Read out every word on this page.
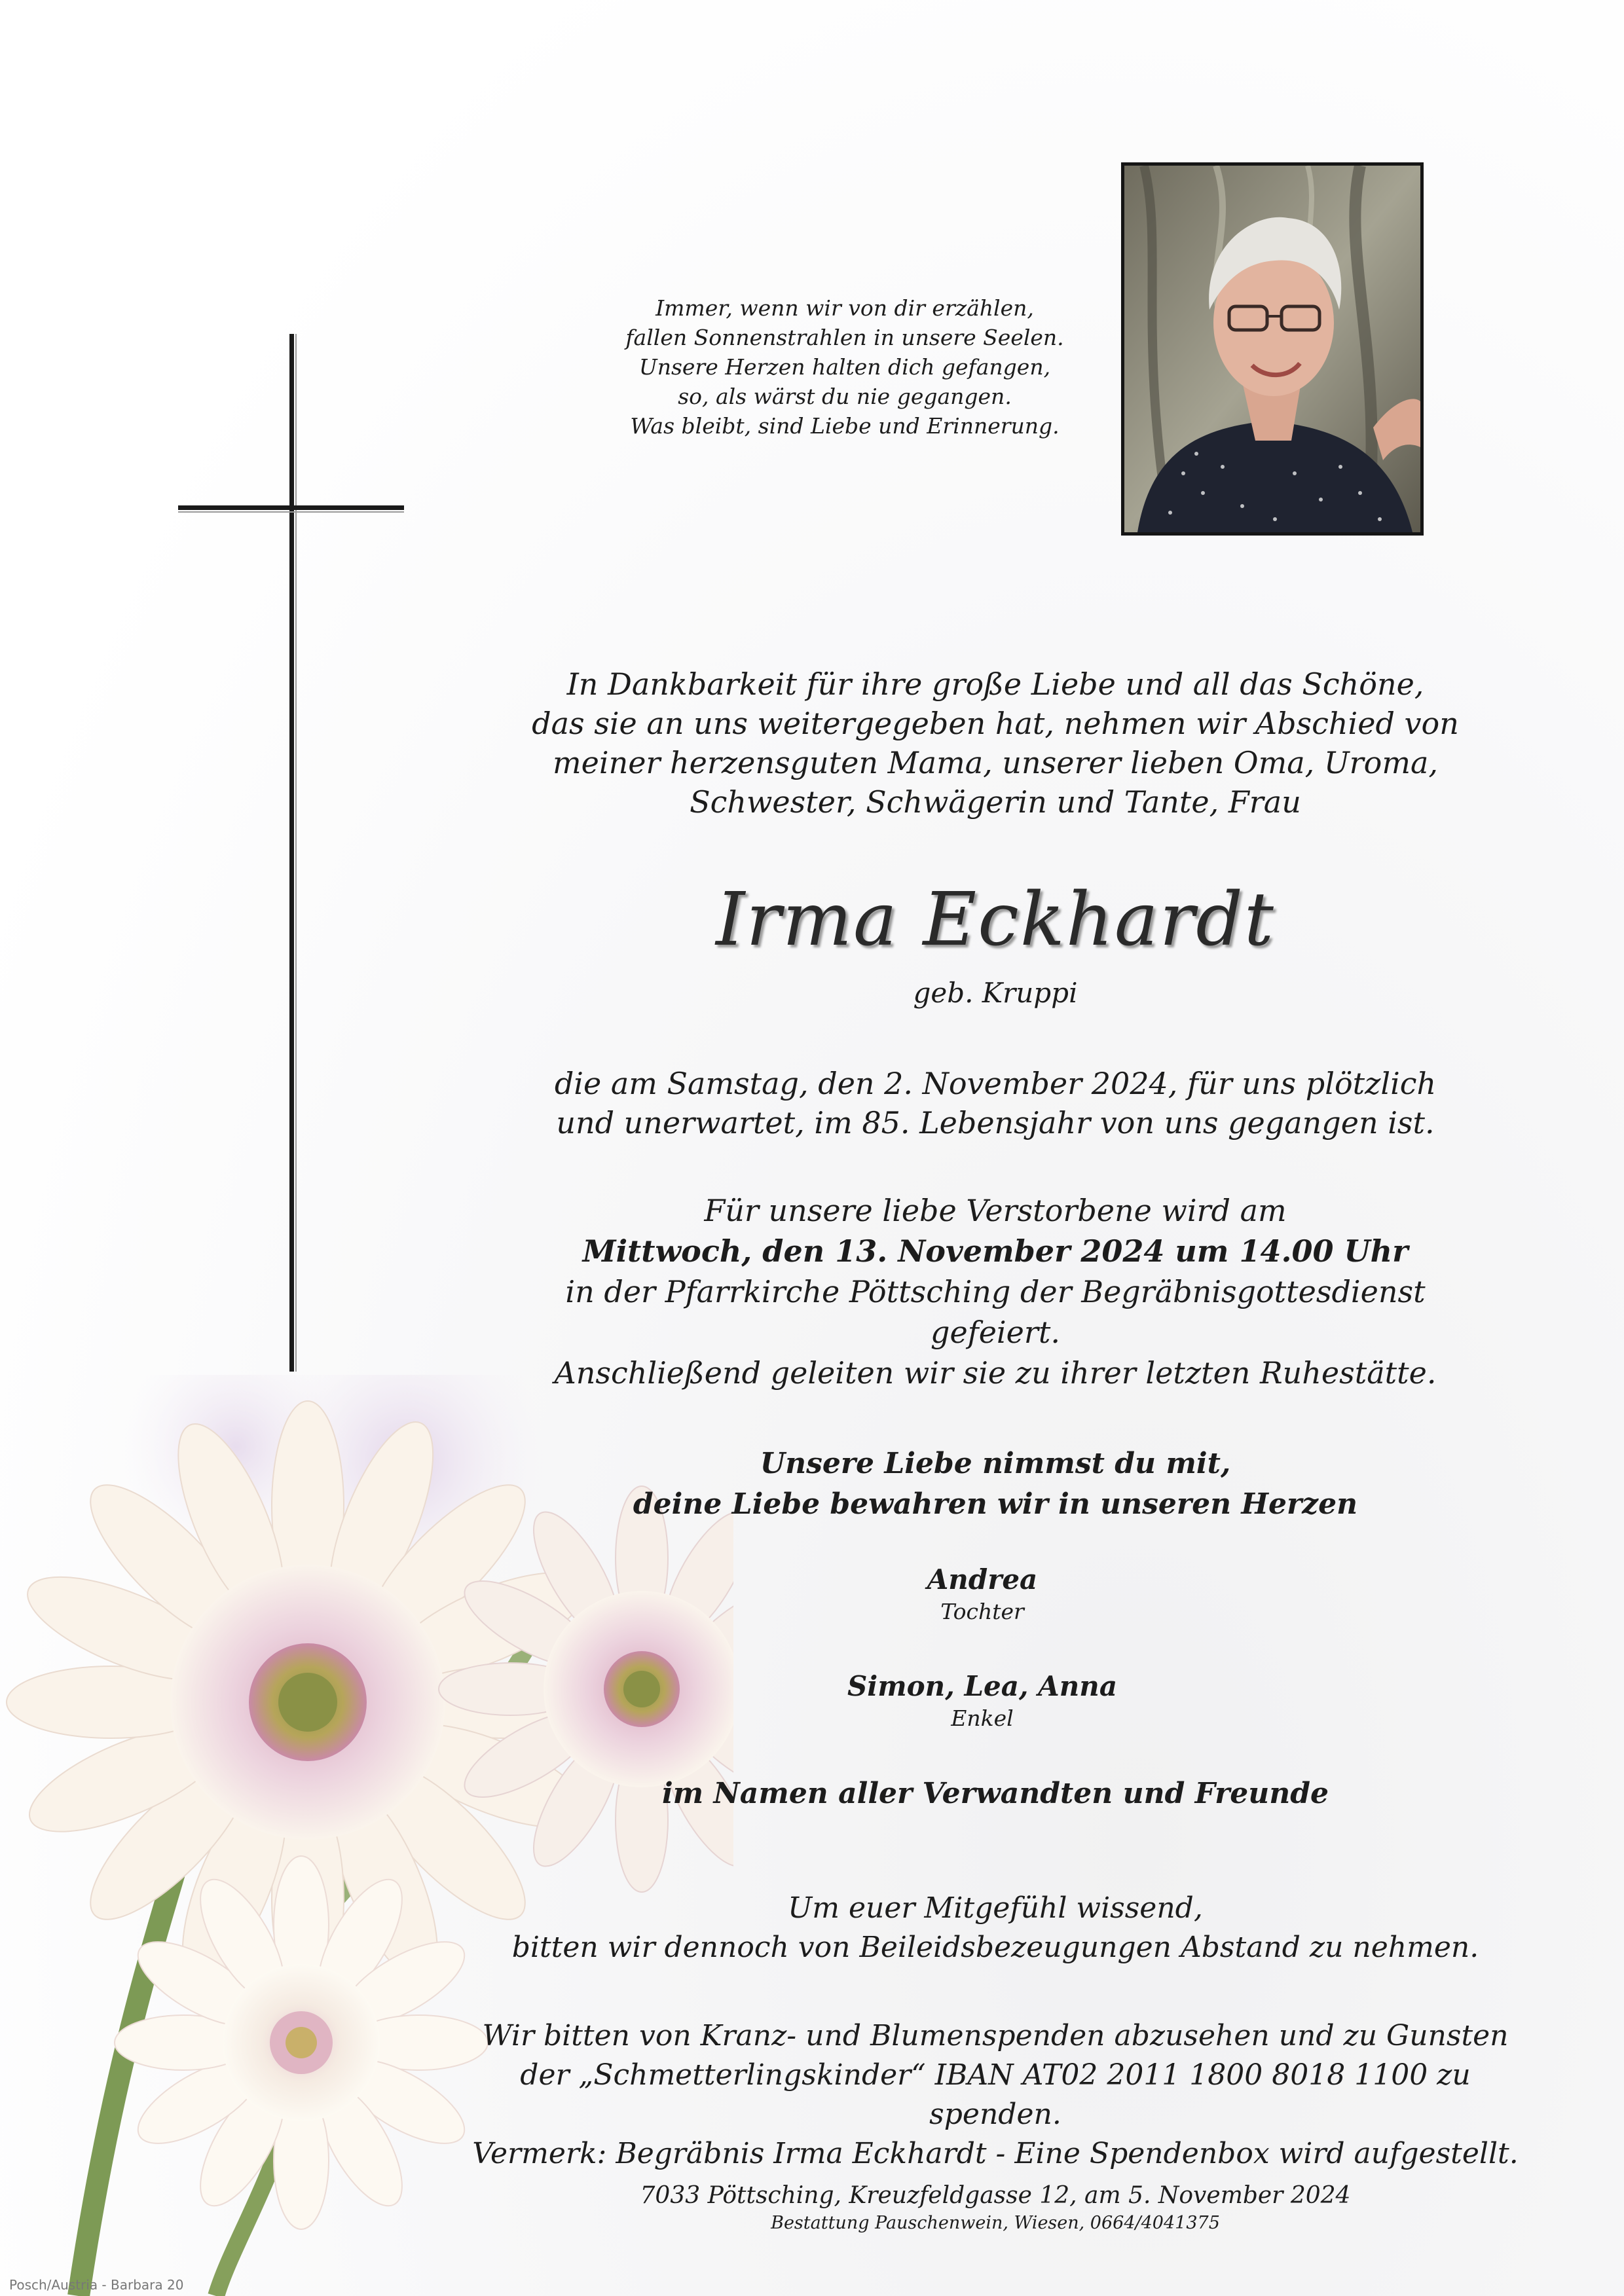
Immer, wenn wir von dir erzählen,
fallen Sonnenstrahlen in unsere Seelen.
Unsere Herzen halten dich gefangen,
so, als wärst du nie gegangen.
Was bleibt, sind Liebe und Erinnerung.
In Dankbarkeit für ihre große Liebe und all das Schöne,
das sie an uns weitergegeben hat, nehmen wir Abschied von
meiner herzensguten Mama, unserer lieben Oma, Uroma,
Schwester, Schwägerin und Tante, Frau
Irma Eckhardt
geb. Kruppi
die am Samstag, den 2. November 2024, für uns plötzlich
und unerwartet, im 85. Lebensjahr von uns gegangen ist.
Für unsere liebe Verstorbene wird am
Mittwoch, den 13. November 2024 um 14.00 Uhr
in der Pfarrkirche Pöttsching der Begräbnisgottesdienst gefeiert.
Anschließend geleiten wir sie zu ihrer letzten Ruhestätte.
Unsere Liebe nimmst du mit,
deine Liebe bewahren wir in unseren Herzen
Andrea
Tochter
Simon, Lea, Anna
Enkel
im Namen aller Verwandten und Freunde
Um euer Mitgefühl wissend,
bitten wir dennoch von Beileidsbezeugungen Abstand zu nehmen.
Wir bitten von Kranz- und Blumenspenden abzusehen und zu Gunsten
der „Schmetterlingskinder“ IBAN AT02 2011 1800 8018 1100 zu spenden.
Vermerk: Begräbnis Irma Eckhardt - Eine Spendenbox wird aufgestellt.
7033 Pöttsching, Kreuzfeldgasse 12, am 5. November 2024
Bestattung Pauschenwein, Wiesen, 0664/4041375
Posch/Austria - Barbara 20
